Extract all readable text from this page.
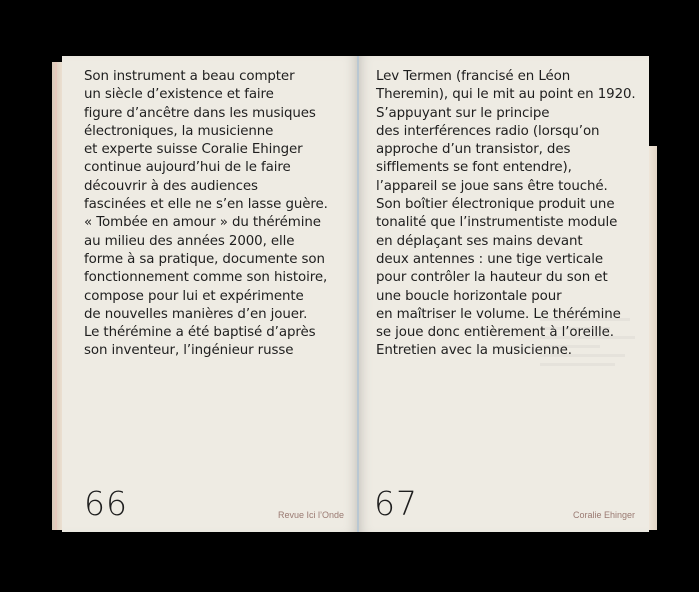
Son instrument a beau compter
un siècle d’existence et faire
figure d’ancêtre dans les musiques
électroniques, la musicienne
et experte suisse Coralie Ehinger
continue aujourd’hui de le faire
découvrir à des audiences
fascinées et elle ne s’en lasse guère.
« Tombée en amour » du thérémine
au milieu des années 2000, elle
forme à sa pratique, documente son
fonctionnement comme son histoire,
compose pour lui et expérimente
de nouvelles manières d’en jouer.
Le thérémine a été baptisé d’après
son inventeur, l’ingénieur russe
66	Revue Ici l’Onde
Lev Termen (francisé en Léon
Theremin), qui le mit au point en 1920.
S’appuyant sur le principe
des interférences radio (lorsqu’on
approche d’un transistor, des
sifflements se font entendre),
l’appareil se joue sans être touché.
Son boîtier électronique produit une
tonalité que l’instrumentiste module
en déplaçant ses mains devant
deux antennes : une tige verticale
pour contrôler la hauteur du son et
une boucle horizontale pour
en maîtriser le volume. Le thérémine
se joue donc entièrement à l’oreille.
Entretien avec la musicienne.
67	Coralie Ehinger
